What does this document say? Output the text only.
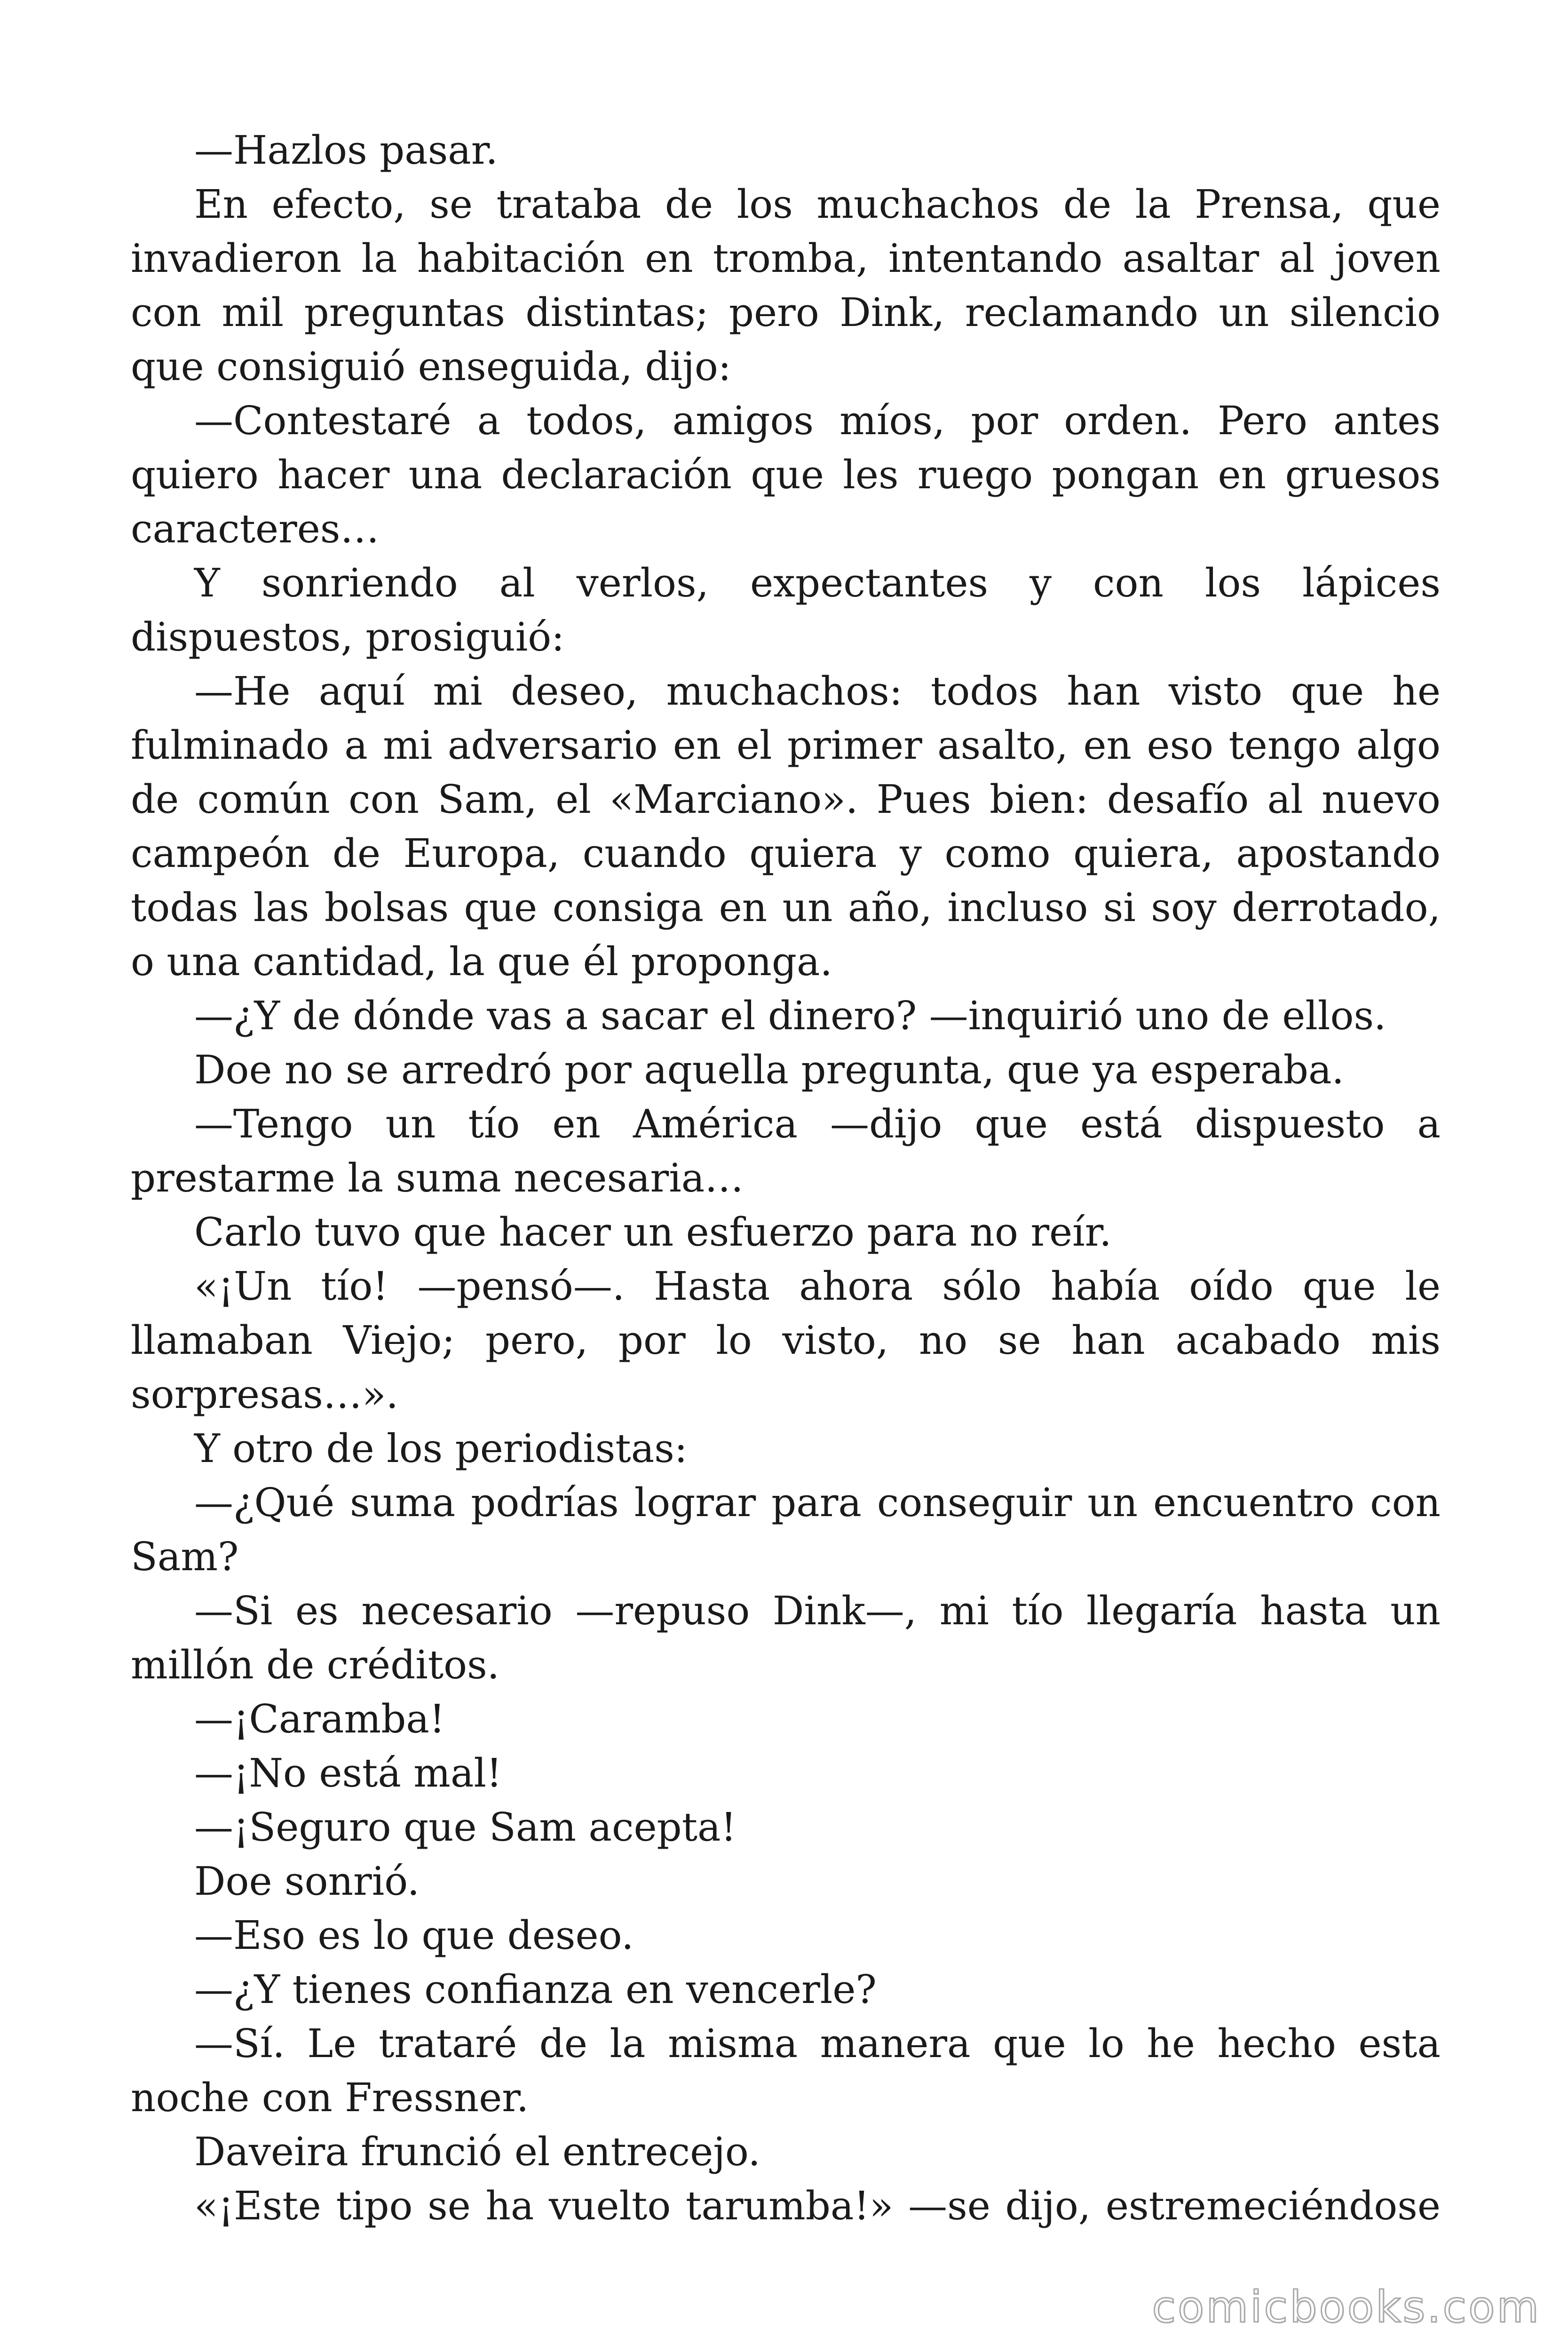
—Hazlos pasar.

En efecto, se trataba de los muchachos de la Prensa, que invadieron la habitación en tromba, intentando asaltar al joven con mil preguntas distintas; pero Dink, reclamando un silencio que consiguió enseguida, dijo:

—Contestaré a todos, amigos míos, por orden. Pero antes quiero hacer una declaración que les ruego pongan en gruesos caracteres…

Y sonriendo al verlos, expectantes y con los lápices dispuestos, prosiguió:

—He aquí mi deseo, muchachos: todos han visto que he fulminado a mi adversario en el primer asalto, en eso tengo algo de común con Sam, el «Marciano». Pues bien: desafío al nuevo campeón de Europa, cuando quiera y como quiera, apostando todas las bolsas que consiga en un año, incluso si soy derrotado, o una cantidad, la que él proponga.

—¿Y de dónde vas a sacar el dinero? —inquirió uno de ellos.

Doe no se arredró por aquella pregunta, que ya esperaba.

—Tengo un tío en América —dijo que está dispuesto a prestarme la suma necesaria…

Carlo tuvo que hacer un esfuerzo para no reír.

«¡Un tío! —pensó—. Hasta ahora sólo había oído que le llamaban Viejo; pero, por lo visto, no se han acabado mis sorpresas…».

Y otro de los periodistas:

—¿Qué suma podrías lograr para conseguir un encuentro con Sam?

—Si es necesario —repuso Dink—, mi tío llegaría hasta un millón de créditos.

—¡Caramba!

—¡No está mal!

—¡Seguro que Sam acepta!

Doe sonrió.

—Eso es lo que deseo.

—¿Y tienes confianza en vencerle?

—Sí. Le trataré de la misma manera que lo he hecho esta noche con Fressner.

Daveira frunció el entrecejo.

«¡Este tipo se ha vuelto tarumba!» —se dijo, estremeciéndose

comicbooks.com
